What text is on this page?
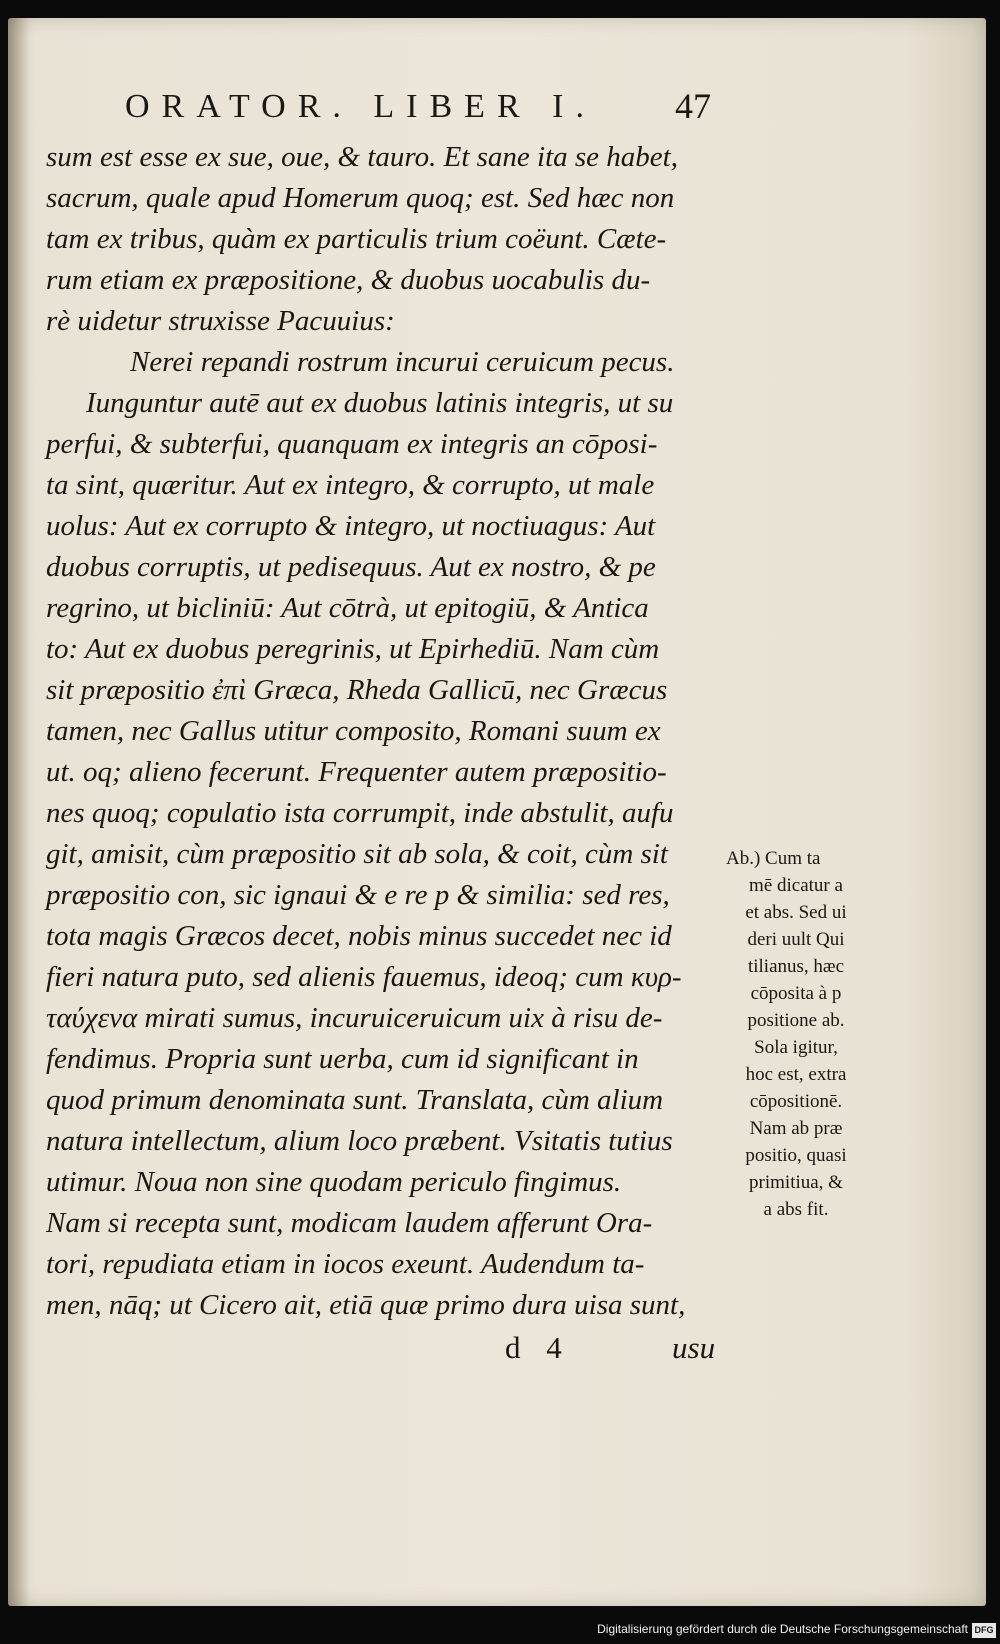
ORATOR. LIBER I.	47
sum est esse ex sue, oue, & tauro. Et sane ita se habet,
sacrum, quale apud Homerum quoq; est. Sed hæc non
tam ex tribus, quàm ex particulis trium coëunt. Cæte-
rum etiam ex præpositione, & duobus uocabulis du-
rè uidetur struxisse Pacuuius:
Nerei repandi rostrum incurui ceruicum pecus.
Iunguntur autē aut ex duobus latinis integris, ut su
perfui, & subterfui, quanquam ex integris an cōposi-
ta sint, quæritur. Aut ex integro, & corrupto, ut male
uolus: Aut ex corrupto & integro, ut noctiuagus: Aut
duobus corruptis, ut pedisequus. Aut ex nostro, & pe
regrino, ut bicliniū: Aut cōtrà, ut epitogiū, & Antica
to: Aut ex duobus peregrinis, ut Epirhediū. Nam cùm
sit præpositio ἐπὶ Græca, Rheda Gallicū, nec Græcus
tamen, nec Gallus utitur composito, Romani suum ex
ut. oq; alieno fecerunt. Frequenter autem præpositio-
nes quoq; copulatio ista corrumpit, inde abstulit, aufu
git, amisit, cùm præpositio sit ab sola, & coit, cùm sit
præpositio con, sic ignaui & e re p & similia: sed res,
tota magis Græcos decet, nobis minus succedet nec id
fieri natura puto, sed alienis fauemus, ideoq; cum κυρ-
ταύχενα mirati sumus, incuruiceruicum uix à risu de-
fendimus. Propria sunt uerba, cum id significant in
quod primum denominata sunt. Translata, cùm alium
natura intellectum, alium loco præbent. Vsitatis tutius
utimur. Noua non sine quodam periculo fingimus.
Nam si recepta sunt, modicam laudem afferunt Ora-
tori, repudiata etiam in iocos exeunt. Audendum ta-
men, nāq; ut Cicero ait, etiā quæ primo dura uisa sunt,
Ab.) Cum ta
mē dicatur a
et abs. Sed ui
deri uult Qui
tilianus, hæc
cōposita à p
positione ab.
Sola igitur,
hoc est, extra
cōpositionē.
Nam ab præ
positio, quasi
primitiua, &
a abs fit.
d 4	usu
Digitalisierung gefördert durch die Deutsche Forschungsgemeinschaft DFG
